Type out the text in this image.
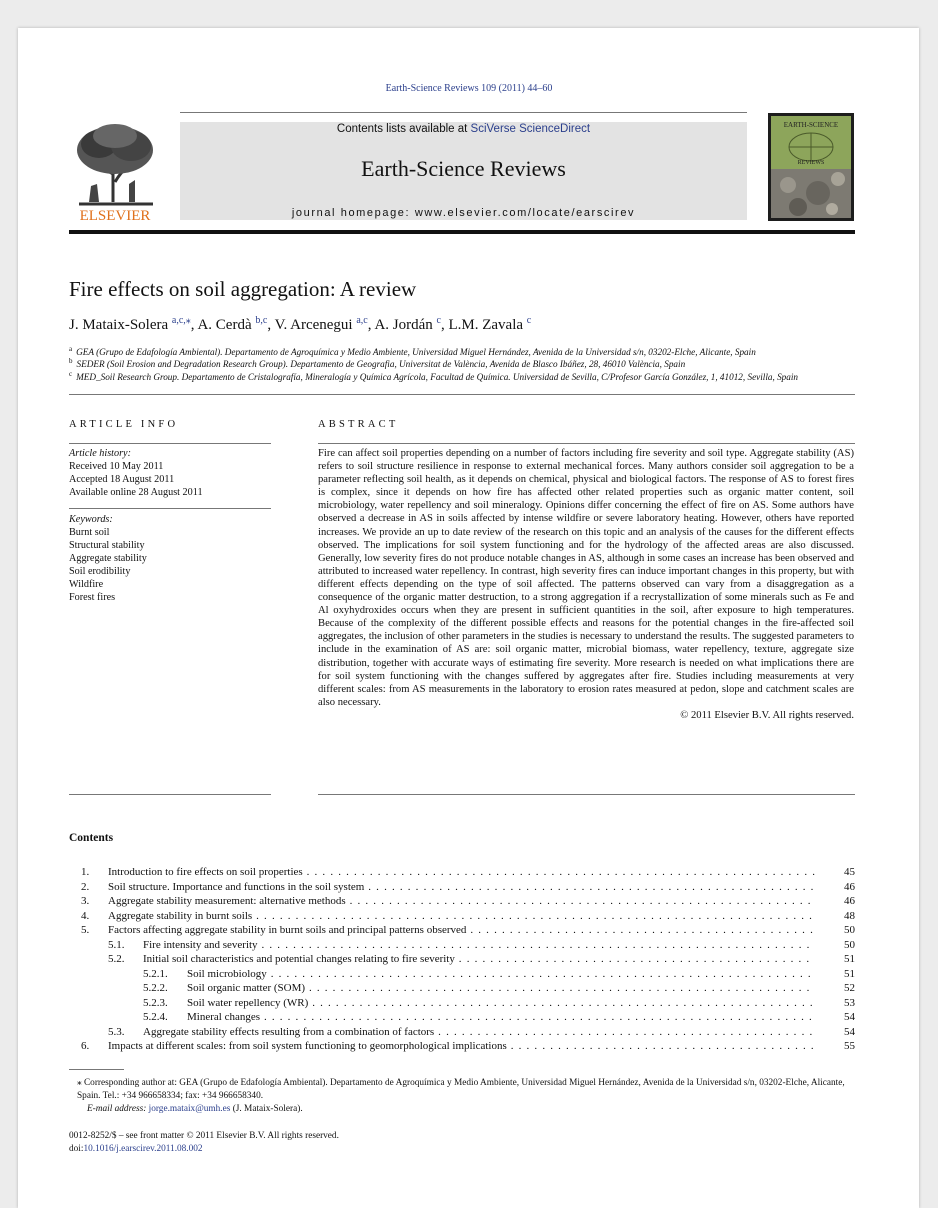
Earth-Science Reviews 109 (2011) 44–60
ELSEVIER
Contents lists available at SciVerse ScienceDirect
Earth-Science Reviews
journal homepage: www.elsevier.com/locate/earscirev
EARTH-SCIENCE
REVIEWS
Fire effects on soil aggregation: A review
J. Mataix-Solera $^{a,c,⁎}$, A. Cerdà $^{b,c}$, V. Arcenegui $^{a,c}$, A. Jordán $^c$, L.M. Zavala $^c$
$^a$ GEA (Grupo de Edafología Ambiental). Departamento de Agroquímica y Medio Ambiente, Universidad Miguel Hernández, Avenida de la Universidad s/n, 03202-Elche, Alicante, Spain
$^b$ SEDER (Soil Erosion and Degradation Research Group). Departamento de Geografia, Universitat de València, Avenida de Blasco Ibáñez, 28, 46010 València, Spain
$^c$ MED_Soil Research Group. Departamento de Cristalografía, Mineralogía y Química Agrícola, Facultad de Química. Universidad de Sevilla, C/Profesor García González, 1, 41012, Sevilla, Spain
ARTICLE INFO
Article history:
Received 10 May 2011
Accepted 18 August 2011
Available online 28 August 2011
Keywords:
Burnt soil
Structural stability
Aggregate stability
Soil erodibility
Wildfire
Forest fires
ABSTRACT
Fire can affect soil properties depending on a number of factors including fire severity and soil type. Aggregate stability (AS) refers to soil structure resilience in response to external mechanical forces. Many authors consider soil aggregation to be a parameter reflecting soil health, as it depends on chemical, physical and biological factors. The response of AS to forest fires is complex, since it depends on how fire has affected other related properties such as organic matter content, soil microbiology, water repellency and soil mineralogy. Opinions differ concerning the effect of fire on AS. Some authors have observed a decrease in AS in soils affected by intense wildfire or severe laboratory heating. However, others have reported increases. We provide an up to date review of the research on this topic and an analysis of the causes for the different effects observed. The implications for soil system functioning and for the hydrology of the affected areas are also discussed. Generally, low severity fires do not produce notable changes in AS, although in some cases an increase has been observed and attributed to increased water repellency. In contrast, high severity fires can induce important changes in this property, but with different effects depending on the type of soil affected. The patterns observed can vary from a disaggregation as a consequence of the organic matter destruction, to a strong aggregation if a recrystallization of some minerals such as Fe and Al oxyhydroxides occurs when they are present in sufficient quantities in the soil, after exposure to high temperatures. Because of the complexity of the different possible effects and reasons for the potential changes in the fire-affected soil aggregates, the inclusion of other parameters in the studies is necessary to understand the results. The suggested parameters to include in the examination of AS are: soil organic matter, microbial biomass, water repellency, texture, aggregate size distribution, together with accurate ways of estimating fire severity. More research is needed on what implications there are for soil system functioning with the changes suffered by aggregates after fire. Studies including measurements at very different scales: from AS measurements in the laboratory to erosion rates measured at pedon, slope and catchment scales are also necessary.
© 2011 Elsevier B.V. All rights reserved.
Contents
1. Introduction to fire effects on soil properties . . .	45
2. Soil structure. Importance and functions in the soil system . . .	46
3. Aggregate stability measurement: alternative methods . . .	46
4. Aggregate stability in burnt soils . . .	48
5. Factors affecting aggregate stability in burnt soils and principal patterns observed . . .	50
5.1. Fire intensity and severity . . .	50
5.2. Initial soil characteristics and potential changes relating to fire severity . . .	51
5.2.1. Soil microbiology . . .	51
5.2.2. Soil organic matter (SOM) . . .	52
5.2.3. Soil water repellency (WR) . . .	53
5.2.4. Mineral changes . . .	54
5.3. Aggregate stability effects resulting from a combination of factors . . .	54
6. Impacts at different scales: from soil system functioning to geomorphological implications . . .	55
⁎ Corresponding author at: GEA (Grupo de Edafología Ambiental). Departamento de Agroquímica y Medio Ambiente, Universidad Miguel Hernández, Avenida de la Universidad s/n, 03202-Elche, Alicante, Spain. Tel.: +34 966658334; fax: +34 966658340.
E-mail address: jorge.mataix@umh.es (J. Mataix-Solera).
0012-8252/$ – see front matter © 2011 Elsevier B.V. All rights reserved.
doi:10.1016/j.earscirev.2011.08.002
